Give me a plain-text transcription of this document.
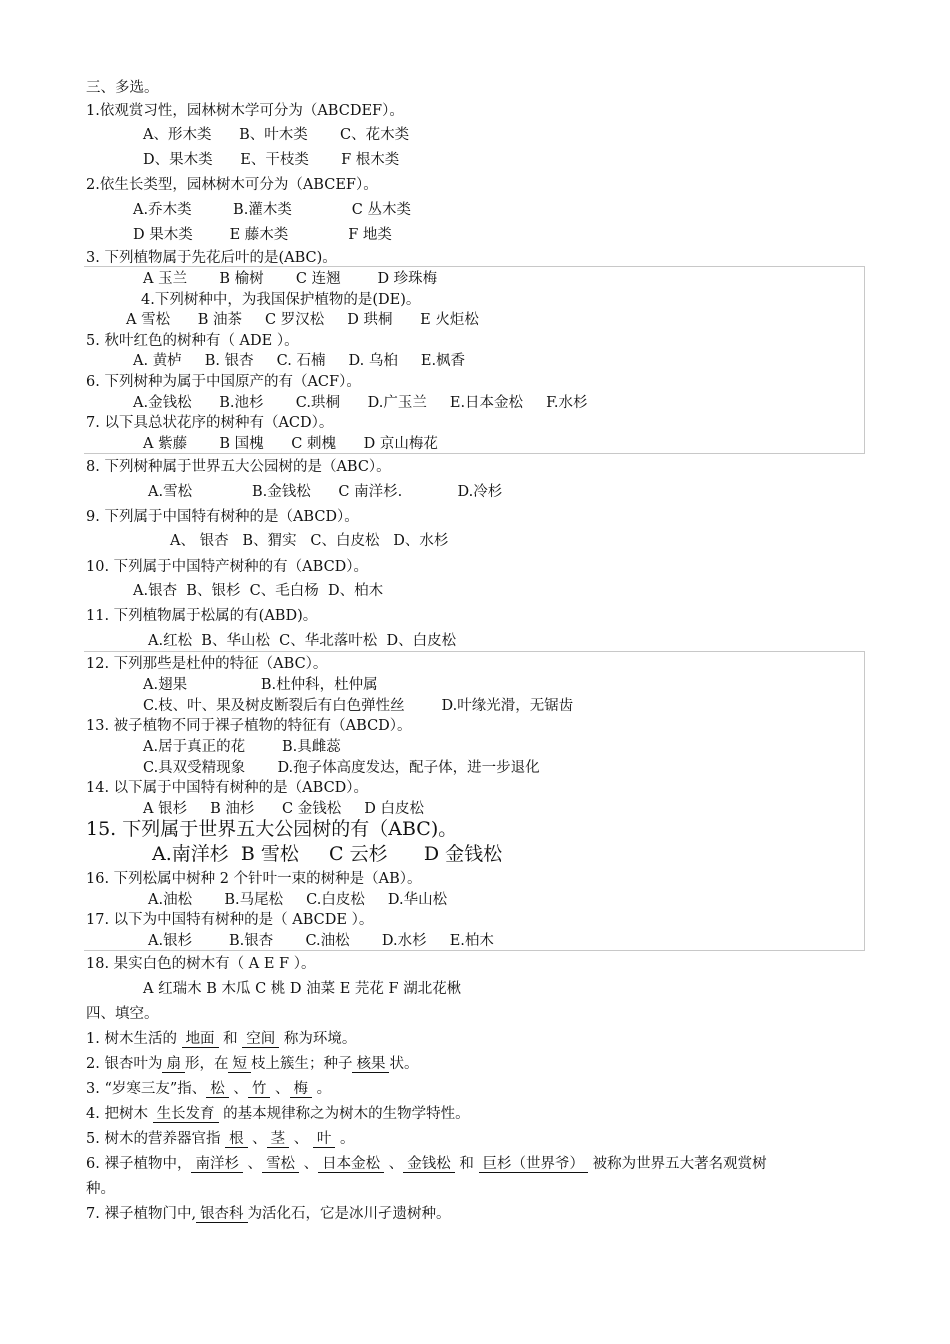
三、多选。
1.依观赏习性，园林树木学可分为（ABCDEF）。
A、形木类      B、叶木类       C、花木类
D、果木类      E、干枝类       F 根木类
2.依生长类型，园林树木可分为（ABCEF）。
A.乔木类         B.灌木类             C 丛木类
D 果木类        E 藤木类             F 地类
3. 下列植物属于先花后叶的是(ABC)。
A 玉兰       B 榆树       C 连翘        D 珍珠梅
4.下列树种中，为我国保护植物的是(DE)。
A 雪松      B 油茶     C 罗汉松     D 珙桐      E 火炬松
5. 秋叶红色的树种有（ ADE ）。
A. 黄栌     B. 银杏     C. 石楠     D. 乌桕     E.枫香
6. 下列树种为属于中国原产的有（ACF）。
A.金钱松      B.池杉       C.珙桐      D.广玉兰     E.日本金松     F.水杉
7. 以下具总状花序的树种有（ACD）。
A 紫藤       B 国槐      C 刺槐      D 京山梅花
8. 下列树种属于世界五大公园树的是（ABC）。
A.雪松             B.金钱松      C 南洋杉.            D.冷杉
9. 下列属于中国特有树种的是（ABCD）。
A、 银杏   B、猬实   C、白皮松   D、水杉
10. 下列属于中国特产树种的有（ABCD）。
A.银杏  B、银杉  C、毛白杨  D、柏木
11. 下列植物属于松属的有(ABD)。
A.红松  B、华山松  C、华北落叶松  D、白皮松
12. 下列那些是杜仲的特征（ABC）。
A.翅果                B.杜仲科，杜仲属
C.枝、叶、果及树皮断裂后有白色弹性丝        D.叶缘光滑，无锯齿
13. 被子植物不同于裸子植物的特征有（ABCD）。
A.居于真正的花        B.具雌蕊
C.具双受精现象       D.孢子体高度发达，配子体，进一步退化
14. 以下属于中国特有树种的是（ABCD）。
A 银杉     B 油杉      C 金钱松     D 白皮松
15. 下列属于世界五大公园树的有（ABC)。
A.南洋杉  B 雪松     C 云杉      D 金钱松
16. 下列松属中树种 2 个针叶一束的树种是（AB）。
A.油松       B.马尾松     C.白皮松     D.华山松
17. 以下为中国特有树种的是（ ABCDE ）。
A.银杉        B.银杏       C.油松       D.水杉     E.柏木
18. 果实白色的树木有（ A E F ）。
A 红瑞木 B 木瓜 C 桃 D 油菜 E 芫花 F 湖北花楸
四、填空。
1. 树木生活的 地面 和 空间 称为环境。
2. 银杏叶为 扇 形，在 短 枝上簇生；种子 核果 状。
3. “岁寒三友”指、 松 、 竹 、 梅 。
4. 把树木 生长发育 的基本规律称之为树木的生物学特性。
5. 树木的营养器官指 根 、 茎 、 叶 。
6. 裸子植物中， 南洋杉 、 雪松 、 日本金松 、 金钱松 和 巨杉（世界爷） 被称为世界五大著名观赏树
种。
7. 裸子植物门中, 银杏科 为活化石，它是冰川孑遗树种。
